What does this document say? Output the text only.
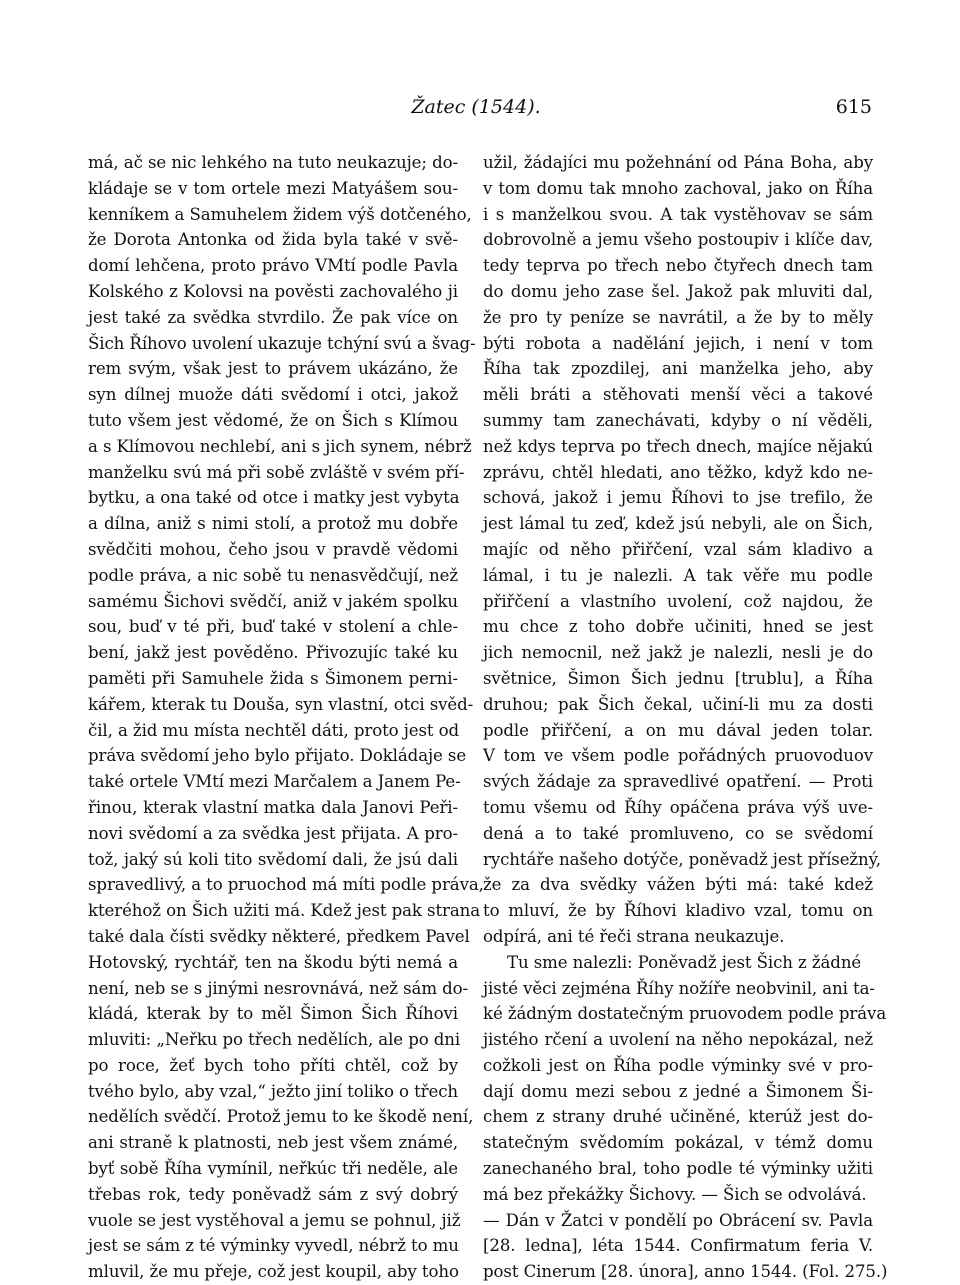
Žatec (1544).	615
má, ač se nic lehkého na tuto neukazuje; do-
kládaje se v tom ortele mezi Matyášem sou-
kenníkem a Samuhelem židem výš dotčeného,
že Dorota Antonka od žida byla také v svě-
domí lehčena, proto právo VMtí podle Pavla
Kolského z Kolovsi na pověsti zachovalého ji
jest také za svědka stvrdilo. Že pak více on
Šich Říhovo uvolení ukazuje tchýní svú a švag-
rem svým, však jest to právem ukázáno, že
syn dílnej muože dáti svědomí i otci, jakož
tuto všem jest vědomé, že on Šich s Klímou
a s Klímovou nechlebí, ani s jich synem, nébrž
manželku svú má při sobě zvláště v svém pří-
bytku, a ona také od otce i matky jest vybyta
a dílna, aniž s nimi stolí, a protož mu dobře
svědčiti mohou, čeho jsou v pravdě vědomi
podle práva, a nic sobě tu nenasvědčují, než
samému Šichovi svědčí, aniž v jakém spolku
sou, buď v té při, buď také v stolení a chle-
bení, jakž jest pověděno. Přivozujíc také ku
paměti při Samuhele žida s Šimonem perni-
kářem, kterak tu Douša, syn vlastní, otci svěd-
čil, a žid mu místa nechtěl dáti, proto jest od
práva svědomí jeho bylo přijato. Dokládaje se
také ortele VMtí mezi Marčalem a Janem Pe-
řinou, kterak vlastní matka dala Janovi Peři-
novi svědomí a za svědka jest přijata. A pro-
tož, jaký sú koli tito svědomí dali, že jsú dali
spravedlivý, a to pruochod má míti podle práva,
kteréhož on Šich užiti má. Kdež jest pak strana
také dala čísti svědky některé, předkem Pavel
Hotovský, rychtář, ten na škodu býti nemá a
není, neb se s jinými nesrovnává, než sám do-
kládá, kterak by to měl Šimon Šich Říhovi
mluviti: „Neřku po třech nedělích, ale po dni
po roce, žeť bych toho příti chtěl, což by
tvého bylo, aby vzal,“ ježto jiní toliko o třech
nedělích svědčí. Protož jemu to ke škodě není,
ani straně k platnosti, neb jest všem známé,
byť sobě Říha vymínil, neřkúc tři neděle, ale
třebas rok, tedy poněvadž sám z svý dobrý
vuole se jest vystěhoval a jemu se pohnul, již
jest se sám z té výminky vyvedl, nébrž to mu
mluvil, že mu přeje, což jest koupil, aby toho
užil, žádajíci mu požehnání od Pána Boha, aby
v tom domu tak mnoho zachoval, jako on Říha
i s manželkou svou. A tak vystěhovav se sám
dobrovolně a jemu všeho postoupiv i klíče dav,
tedy teprva po třech nebo čtyřech dnech tam
do domu jeho zase šel. Jakož pak mluviti dal,
že pro ty peníze se navrátil, a že by to měly
býti robota a nadělání jejich, i není v tom
Říha tak zpozdilej, ani manželka jeho, aby
měli bráti a stěhovati menší věci a takové
summy tam zanechávati, kdyby o ní věděli,
než kdys teprva po třech dnech, majíce nějakú
zprávu, chtěl hledati, ano těžko, když kdo ne-
schová, jakož i jemu Říhovi to jse trefilo, že
jest lámal tu zeď, kdež jsú nebyli, ale on Šich,
majíc od něho přiřčení, vzal sám kladivo a
lámal, i tu je nalezli. A tak věře mu podle
přiřčení a vlastního uvolení, což najdou, že
mu chce z toho dobře učiniti, hned se jest
jich nemocnil, než jakž je nalezli, nesli je do
světnice, Šimon Šich jednu [trublu], a Říha
druhou; pak Šich čekal, učiní-li mu za dosti
podle přiřčení, a on mu dával jeden tolar.
V tom ve všem podle pořádných pruovoduov
svých žádaje za spravedlivé opatření. — Proti
tomu všemu od Říhy opáčena práva výš uve-
dená a to také promluveno, co se svědomí
rychtáře našeho dotýče, poněvadž jest přísežný,
že za dva svědky vážen býti má: také kdež
to mluví, že by Říhovi kladivo vzal, tomu on
odpírá, ani té řeči strana neukazuje.
Tu sme nalezli: Poněvadž jest Šich z žádné
jisté věci zejména Říhy nožíře neobvinil, ani ta-
ké žádným dostatečným pruovodem podle práva
jistého rčení a uvolení na něho nepokázal, než
cožkoli jest on Říha podle výminky své v pro-
dají domu mezi sebou z jedné a Šimonem Ši-
chem z strany druhé učiněné, kterúž jest do-
statečným svědomím pokázal, v témž domu
zanechaného bral, toho podle té výminky užiti
má bez překážky Šichovy. — Šich se odvolává.
— Dán v Žatci v pondělí po Obrácení sv. Pavla
[28. ledna], léta 1544. Confirmatum feria V.
post Cinerum [28. února], anno 1544. (Fol. 275.)
